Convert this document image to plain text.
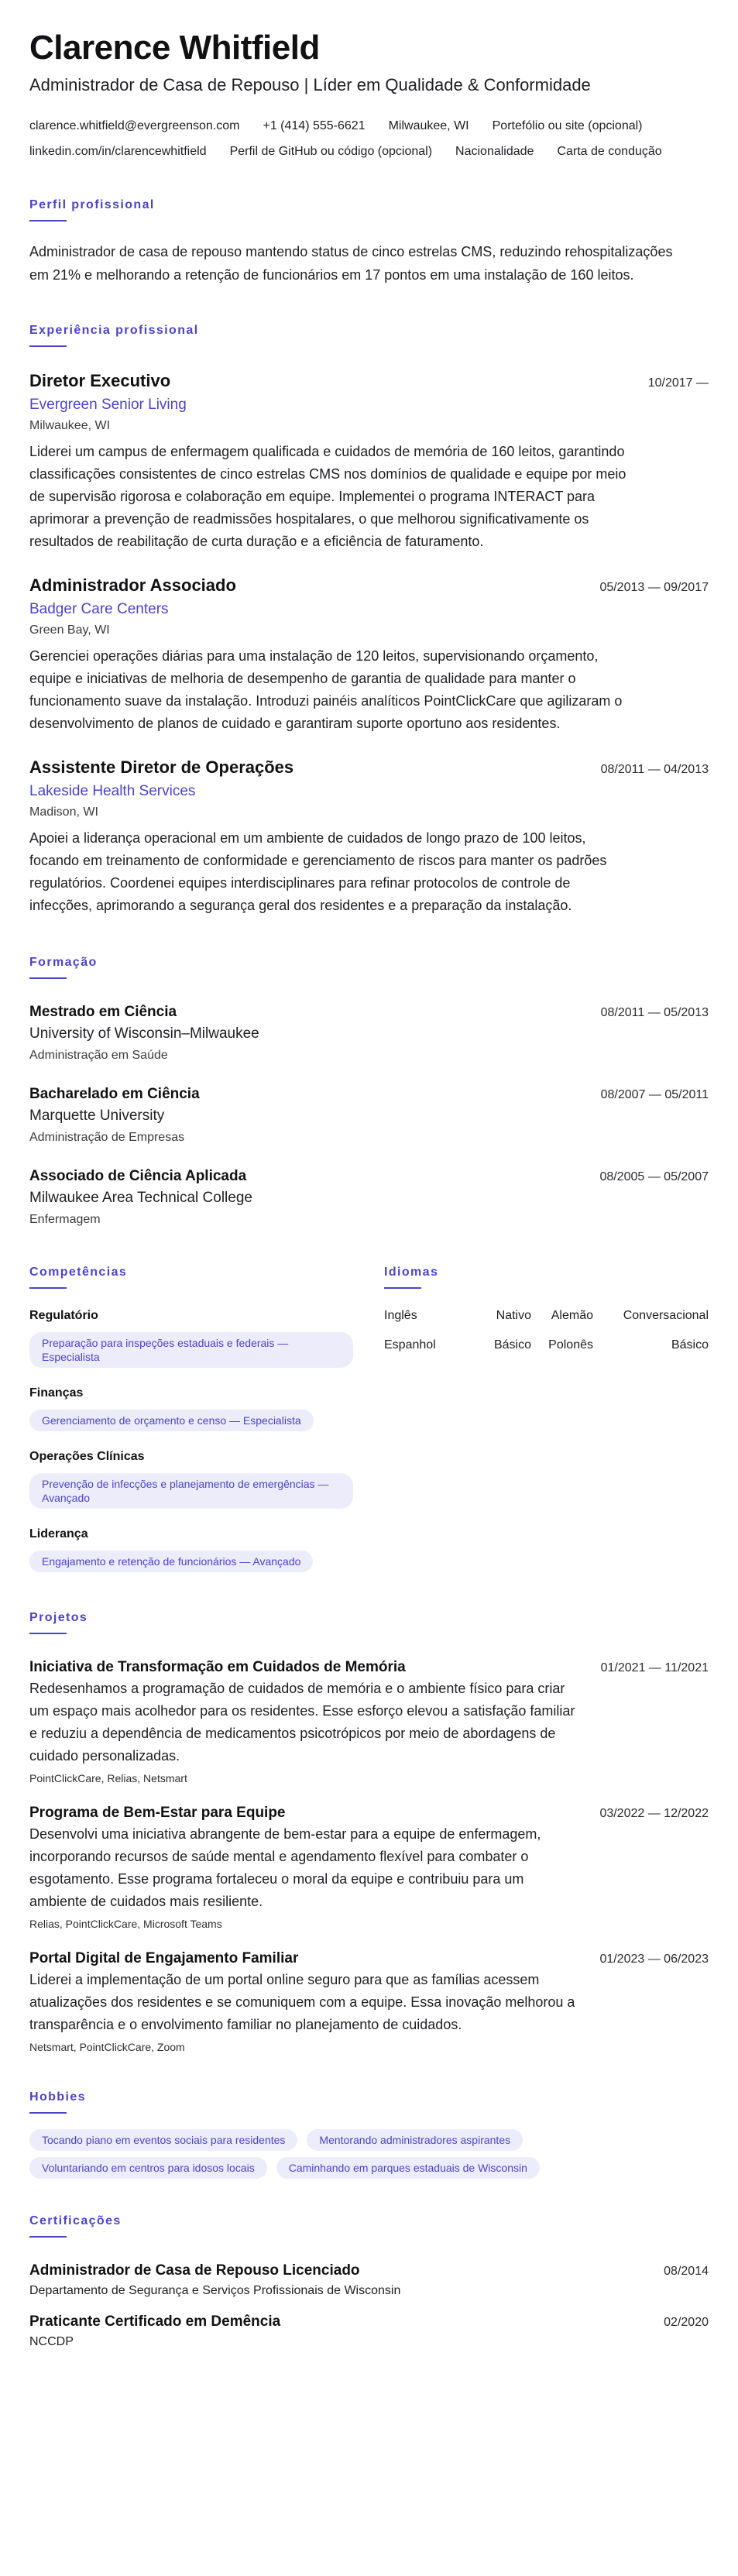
Clarence Whitfield
Administrador de Casa de Repouso | Líder em Qualidade & Conformidade
clarence.whitfield@evergreenson.com +1 (414) 555-6621 Milwaukee, WI Portefólio ou site (opcional)
linkedin.com/in/clarencewhitfield Perfil de GitHub ou código (opcional) Nacionalidade Carta de condução
Perfil profissional

Administrador de casa de repouso mantendo status de cinco estrelas CMS, reduzindo rehospitalizações em 21% e melhorando a retenção de funcionários em 17 pontos em uma instalação de 160 leitos.

Experiência profissional
Diretor Executivo	10/2017 —
Evergreen Senior Living
Milwaukee, WI

Liderei um campus de enfermagem qualificada e cuidados de memória de 160 leitos, garantindo classificações consistentes de cinco estrelas CMS nos domínios de qualidade e equipe por meio de supervisão rigorosa e colaboração em equipe. Implementei o programa INTERACT para aprimorar a prevenção de readmissões hospitalares, o que melhorou significativamente os resultados de reabilitação de curta duração e a eficiência de faturamento.

Administrador Associado	05/2013 — 09/2017
Badger Care Centers
Green Bay, WI

Gerenciei operações diárias para uma instalação de 120 leitos, supervisionando orçamento, equipe e iniciativas de melhoria de desempenho de garantia de qualidade para manter o funcionamento suave da instalação. Introduzi painéis analíticos PointClickCare que agilizaram o desenvolvimento de planos de cuidado e garantiram suporte oportuno aos residentes.

Assistente Diretor de Operações	08/2011 — 04/2013
Lakeside Health Services
Madison, WI

Apoiei a liderança operacional em um ambiente de cuidados de longo prazo de 100 leitos, focando em treinamento de conformidade e gerenciamento de riscos para manter os padrões regulatórios. Coordenei equipes interdisciplinares para refinar protocolos de controle de infecções, aprimorando a segurança geral dos residentes e a preparação da instalação.

Formação
Mestrado em Ciência	08/2011 — 05/2013
University of Wisconsin–Milwaukee
Administração em Saúde
Bacharelado em Ciência	08/2007 — 05/2011
Marquette University
Administração de Empresas
Associado de Ciência Aplicada	08/2005 — 05/2007
Milwaukee Area Technical College
Enfermagem
Competências
Regulatório
Preparação para inspeções estaduais e federais — Especialista
Finanças
Gerenciamento de orçamento e censo — Especialista
Operações Clínicas
Prevenção de infecções e planejamento de emergências — Avançado
Liderança
Engajamento e retenção de funcionários — Avançado
Idiomas
Inglês	Nativo	Alemão	Conversacional
Espanhol	Básico	Polonês	Básico
Projetos
Iniciativa de Transformação em Cuidados de Memória	01/2021 — 11/2021

Redesenhamos a programação de cuidados de memória e o ambiente físico para criar um espaço mais acolhedor para os residentes. Esse esforço elevou a satisfação familiar e reduziu a dependência de medicamentos psicotrópicos por meio de abordagens de cuidado personalizadas.

PointClickCare, Relias, Netsmart
Programa de Bem-Estar para Equipe	03/2022 — 12/2022

Desenvolvi uma iniciativa abrangente de bem-estar para a equipe de enfermagem, incorporando recursos de saúde mental e agendamento flexível para combater o esgotamento. Esse programa fortaleceu o moral da equipe e contribuiu para um ambiente de cuidados mais resiliente.

Relias, PointClickCare, Microsoft Teams
Portal Digital de Engajamento Familiar	01/2023 — 06/2023

Liderei a implementação de um portal online seguro para que as famílias acessem atualizações dos residentes e se comuniquem com a equipe. Essa inovação melhorou a transparência e o envolvimento familiar no planejamento de cuidados.

Netsmart, PointClickCare, Zoom
Hobbies
Tocando piano em eventos sociais para residentes	Mentorando administradores aspirantes
Voluntariando em centros para idosos locais	Caminhando em parques estaduais de Wisconsin
Certificações
Administrador de Casa de Repouso Licenciado	08/2014
Departamento de Segurança e Serviços Profissionais de Wisconsin
Praticante Certificado em Demência	02/2020
NCCDP
